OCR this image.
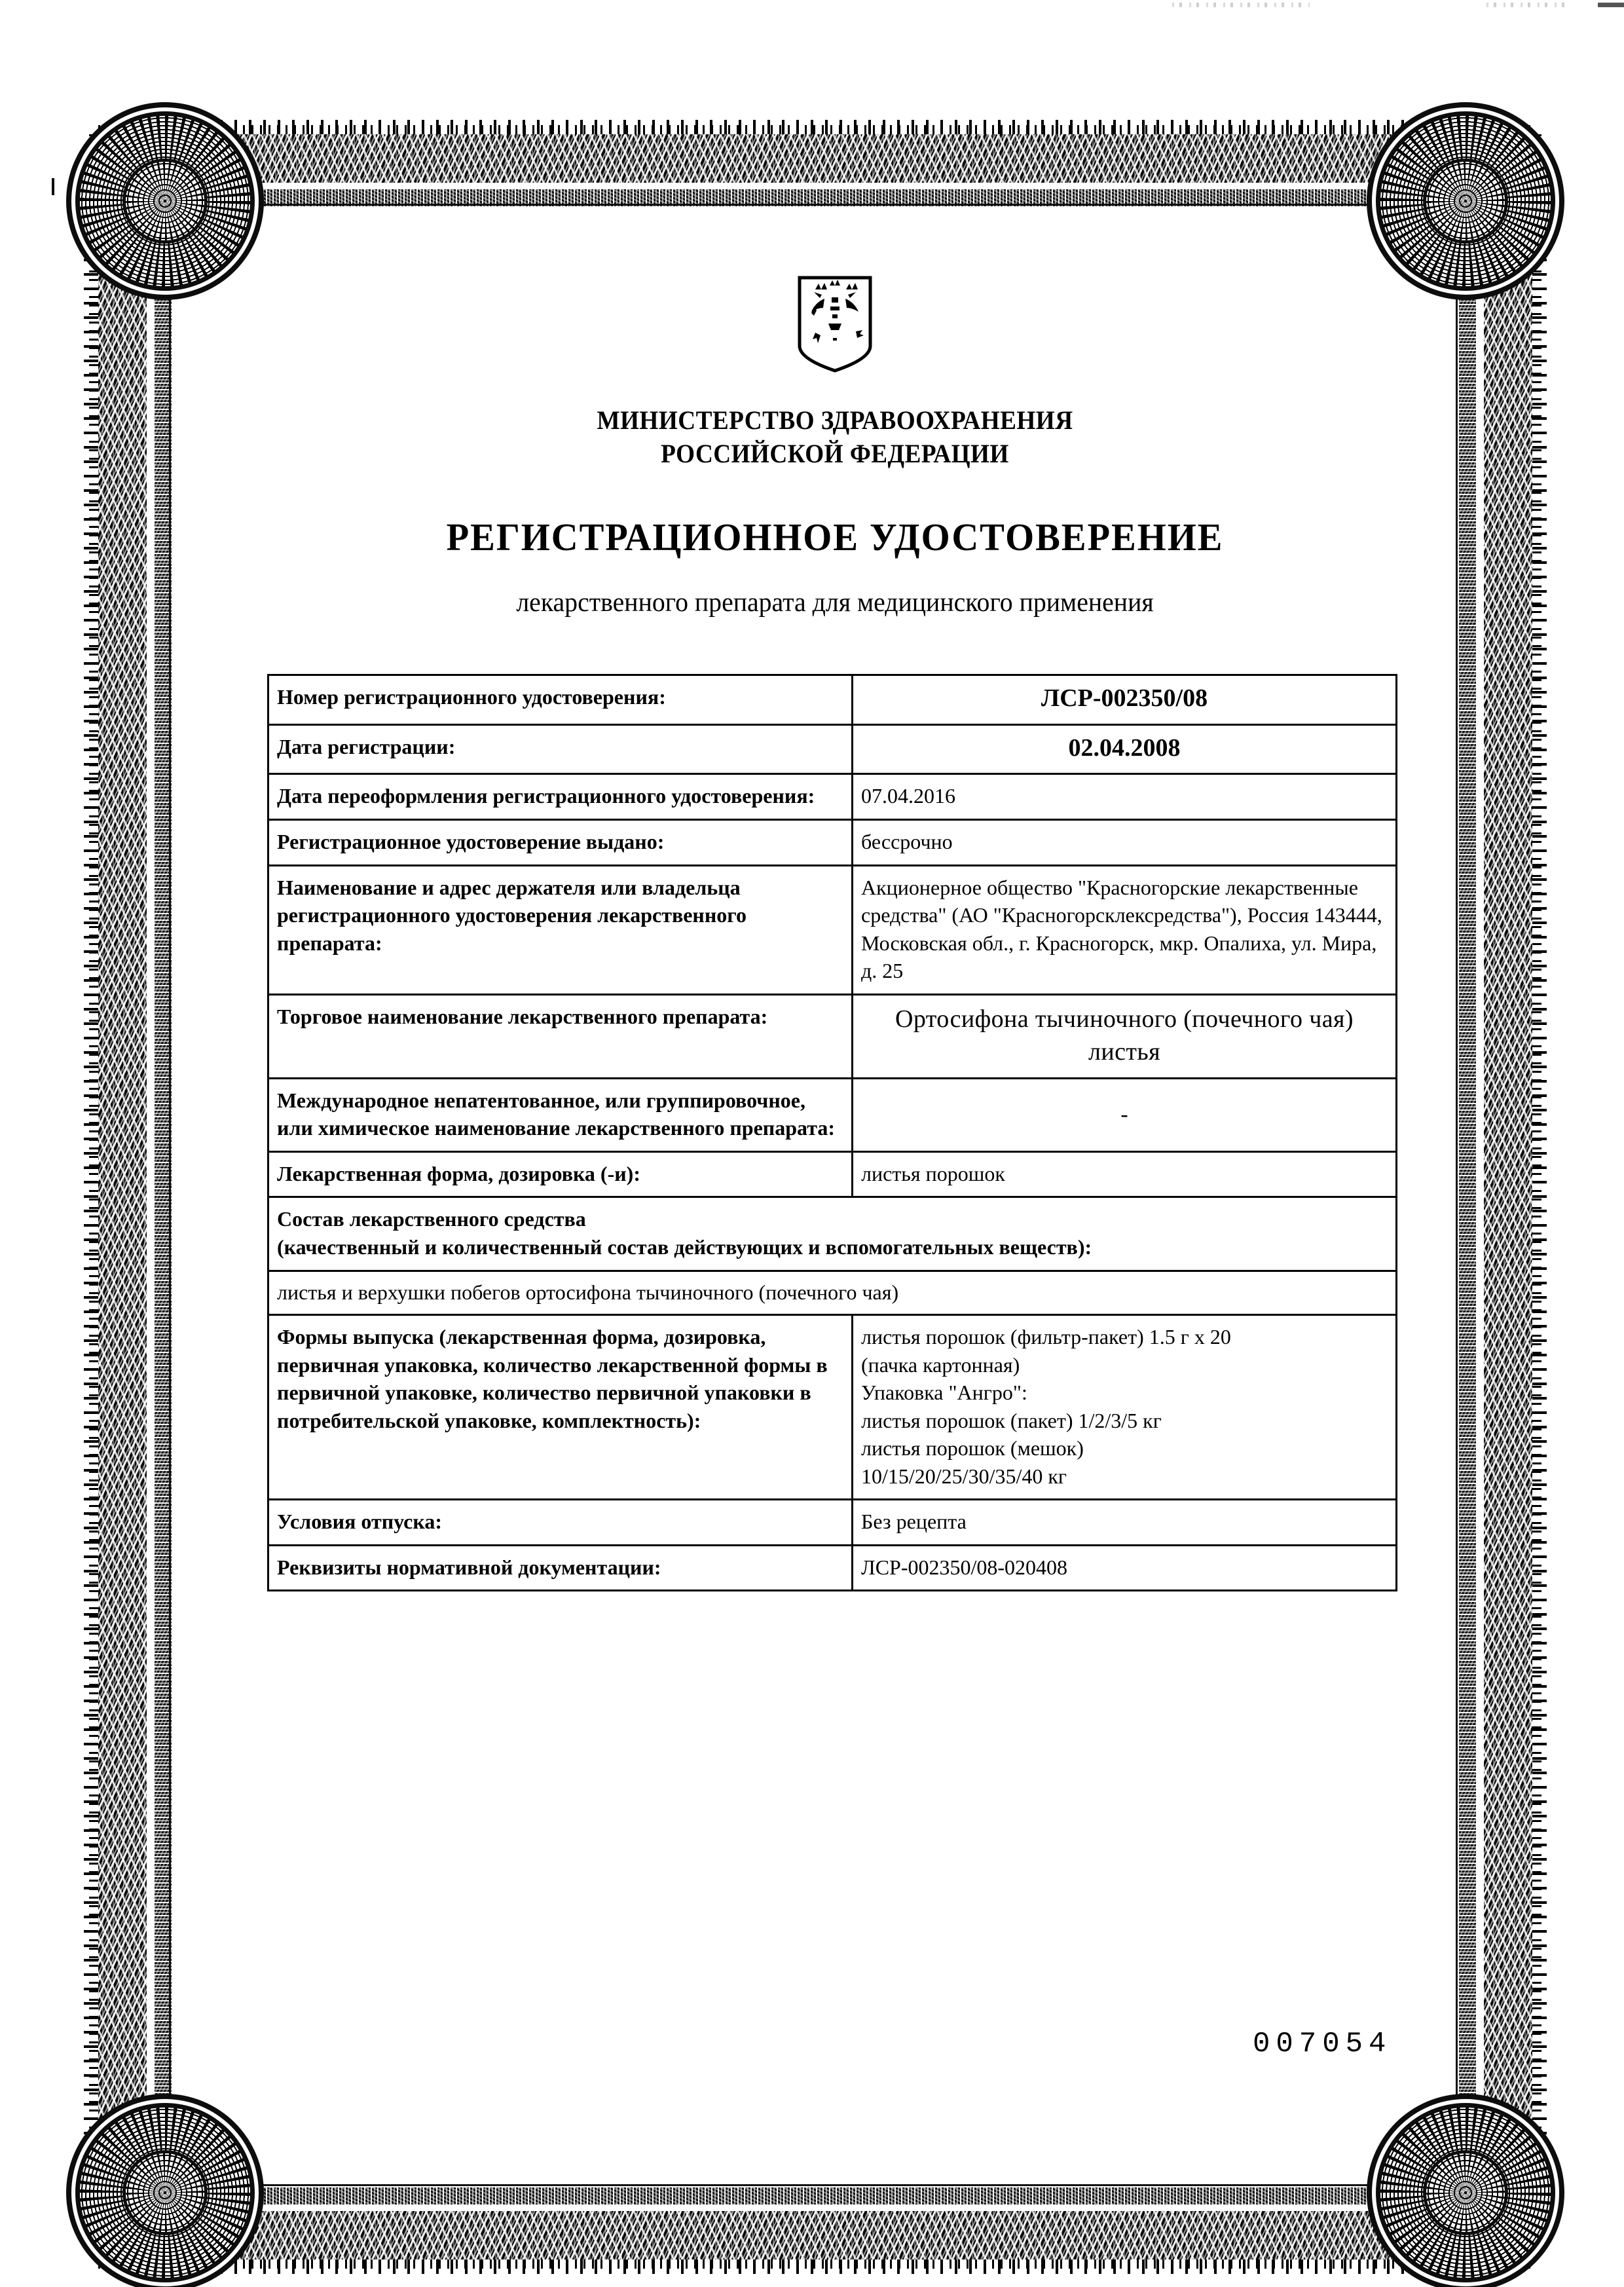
МИНИСТЕРСТВО ЗДРАВООХРАНЕНИЯ
РОССИЙСКОЙ ФЕДЕРАЦИИ
РЕГИСТРАЦИОННОЕ УДОСТОВЕРЕНИЕ
лекарственного препарата для медицинского применения
Номер регистрационного удостоверения:	ЛСР-002350/08
Дата регистрации:	02.04.2008
Дата переоформления регистрационного удостоверения:	07.04.2016
Регистрационное удостоверение выдано:	бессрочно
Наименование и адрес держателя или владельца регистрационного удостоверения лекарственного препарата:	Акционерное общество "Красногорские лекарственные средства" (АО "Красногорсклексредства"), Россия 143444, Московская обл., г. Красногорск, мкр. Опалиха, ул. Мира, д. 25
Торговое наименование лекарственного препарата:	Ортосифона тычиночного (почечного чая) листья
Международное непатентованное, или группировочное, или химическое наименование лекарственного препарата:	-
Лекарственная форма, дозировка (-и):	листья порошок

Состав лекарственного средства
(качественный и количественный состав действующих и вспомогательных веществ):	

листья и верхушки побегов ортосифона тычиночного (почечного чая)	
Формы выпуска (лекарственная форма, дозировка, первичная упаковка, количество лекарственной формы в первичной упаковке, количество первичной упаковки в потребительской упаковке, комплектность):	
листья порошок (фильтр-пакет) 1.5 г х 20
(пачка картонная)
Упаковка "Ангро":
листья порошок (пакет) 1/2/3/5 кг
листья порошок (мешок)
10/15/20/25/30/35/40 кг

Условия отпуска:	Без рецепта
Реквизиты нормативной документации:	ЛСР-002350/08-020408
007054
